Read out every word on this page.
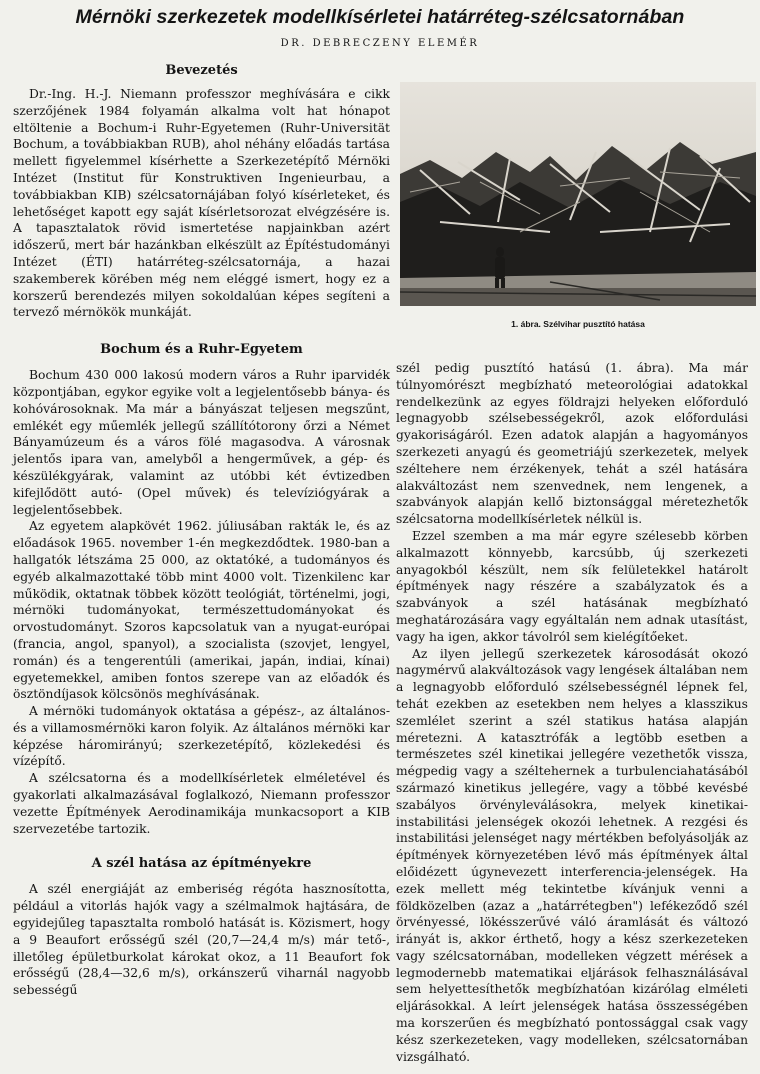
Mérnöki szerkezetek modellkísérletei határréteg-szélcsatornában
DR. DEBRECZENY ELEMÉR
Bevezetés

Dr.-Ing. H.-J. Niemann professzor meghívására e cikk szerzőjének 1984 folyamán alkalma volt hat hónapot eltöltenie a Bochum-i Ruhr-Egyetemen (Ruhr-Universität Bochum, a továbbiakban RUB), ahol néhány előadás tartása mellett figyelemmel kísérhette a Szerkezetépítő Mérnöki Intézet (Institut für Konstruktiven Ingenieurbau, a továbbiakban KIB) szélcsatornájában folyó kísérleteket, és lehetőséget kapott egy saját kísérletsorozat elvégzésére is. A tapasztalatok rövid ismertetése napjainkban azért időszerű, mert bár hazánkban elkészült az Építéstudományi Intézet (ÉTI) határréteg-szélcsatornája, a hazai szakemberek körében még nem eléggé ismert, hogy ez a korszerű berendezés milyen sokoldalúan képes segíteni a tervező mérnökök munkáját.

Bochum és a Ruhr-Egyetem

Bochum 430 000 lakosú modern város a Ruhr iparvidék központjában, egykor egyike volt a legjelentősebb bánya- és kohóvárosoknak. Ma már a bányászat teljesen megszűnt, emlékét egy műemlék jellegű szállítótorony őrzi a Német Bányamúzeum és a város fölé magasodva. A városnak jelentős ipara van, amelyből a hengerművek, a gép- és készülékgyárak, valamint az utóbbi két évtizedben kifejlődött autó- (Opel művek) és televíziógyárak a legjelentősebbek.

Az egyetem alapkövét 1962. júliusában rakták le, és az előadások 1965. november 1-én megkezdődtek. 1980-ban a hallgatók létszáma 25 000, az oktatóké, a tudományos és egyéb alkalmazottaké több mint 4000 volt. Tizenkilenc kar működik, oktatnak többek között teológiát, történelmi, jogi, mérnöki tudományokat, természettudományokat és orvostudományt. Szoros kapcsolatuk van a nyugat-európai (francia, angol, spanyol), a szocialista (szovjet, lengyel, román) és a tengerentúli (amerikai, japán, indiai, kínai) egyetemekkel, amiben fontos szerepe van az előadók és ösztöndíjasok kölcsönös meghívásának.

A mérnöki tudományok oktatása a gépész-, az általános- és a villamosmérnöki karon folyik. Az általános mérnöki kar képzése háromirányú; szerkezetépítő, közlekedési és vízépítő.

A szélcsatorna és a modellkísérletek elméletével és gyakorlati alkalmazásával foglalkozó, Niemann professzor vezette Építmények Aerodinamikája munkacsoport a KIB szervezetébe tartozik.

A szél hatása az építményekre

A szél energiáját az emberiség régóta hasznosította, például a vitorlás hajók vagy a szélmalmok hajtására, de egyidejűleg tapasztalta romboló hatását is. Közismert, hogy a 9 Beaufort erősségű szél (20,7—24,4 m/s) már tető-, illetőleg épületburkolat károkat okoz, a 11 Beaufort fok erősségű (28,4—32,6 m/s), orkánszerű viharnál nagyobb sebességű

1. ábra. Szélvihar pusztító hatása

szél pedig pusztító hatású (1. ábra). Ma már túlnyomórészt megbízható meteorológiai adatokkal rendelkezünk az egyes földrajzi helyeken előforduló legnagyobb szélsebességekről, azok előfordulási gyakoriságáról. Ezen adatok alapján a hagyományos szerkezeti anyagú és geometriájú szerkezetek, melyek széltehere nem érzékenyek, tehát a szél hatására alakváltozást nem szenvednek, nem lengenek, a szabványok alapján kellő biztonsággal méretezhetők szélcsatorna modellkísérletek nélkül is.

Ezzel szemben a ma már egyre szélesebb körben alkalmazott könnyebb, karcsúbb, új szerkezeti anyagokból készült, nem sík felületekkel határolt építmények nagy részére a szabályzatok és a szabványok a szél hatásának megbízható meghatározására vagy egyáltalán nem adnak utasítást, vagy ha igen, akkor távolról sem kielégítőeket.

Az ilyen jellegű szerkezetek károsodását okozó nagymérvű alakváltozások vagy lengések általában nem a legnagyobb előforduló szélsebességnél lépnek fel, tehát ezekben az esetekben nem helyes a klasszikus szemlélet szerint a szél statikus hatása alapján méretezni. A katasztrófák a legtöbb esetben a természetes szél kinetikai jellegére vezethetők vissza, mégpedig vagy a széltehernek a turbulenciahatásából származó kinetikus jellegére, vagy a többé kevésbé szabályos örvényleválásokra, melyek kinetikai-instabilitási jelenségek okozói lehetnek. A rezgési és instabilitási jelenséget nagy mértékben befolyásolják az építmények környezetében lévő más építmények által előidézett úgynevezett interferencia-jelenségek. Ha ezek mellett még tekintetbe kívánjuk venni a földközelben (azaz a „határrétegben") lefékeződő szél örvényessé, lökésszerűvé váló áramlását és változó irányát is, akkor érthető, hogy a kész szerkezeteken vagy szélcsatornában, modelleken végzett mérések a legmodernebb matematikai eljárások felhasználásával sem helyettesíthetők megbízhatóan kizárólag elméleti eljárásokkal. A leírt jelenségek hatása összességében ma korszerűen és megbízható pontossággal csak vagy kész szerkezeteken, vagy modelleken, szélcsatornában vizsgálható.
